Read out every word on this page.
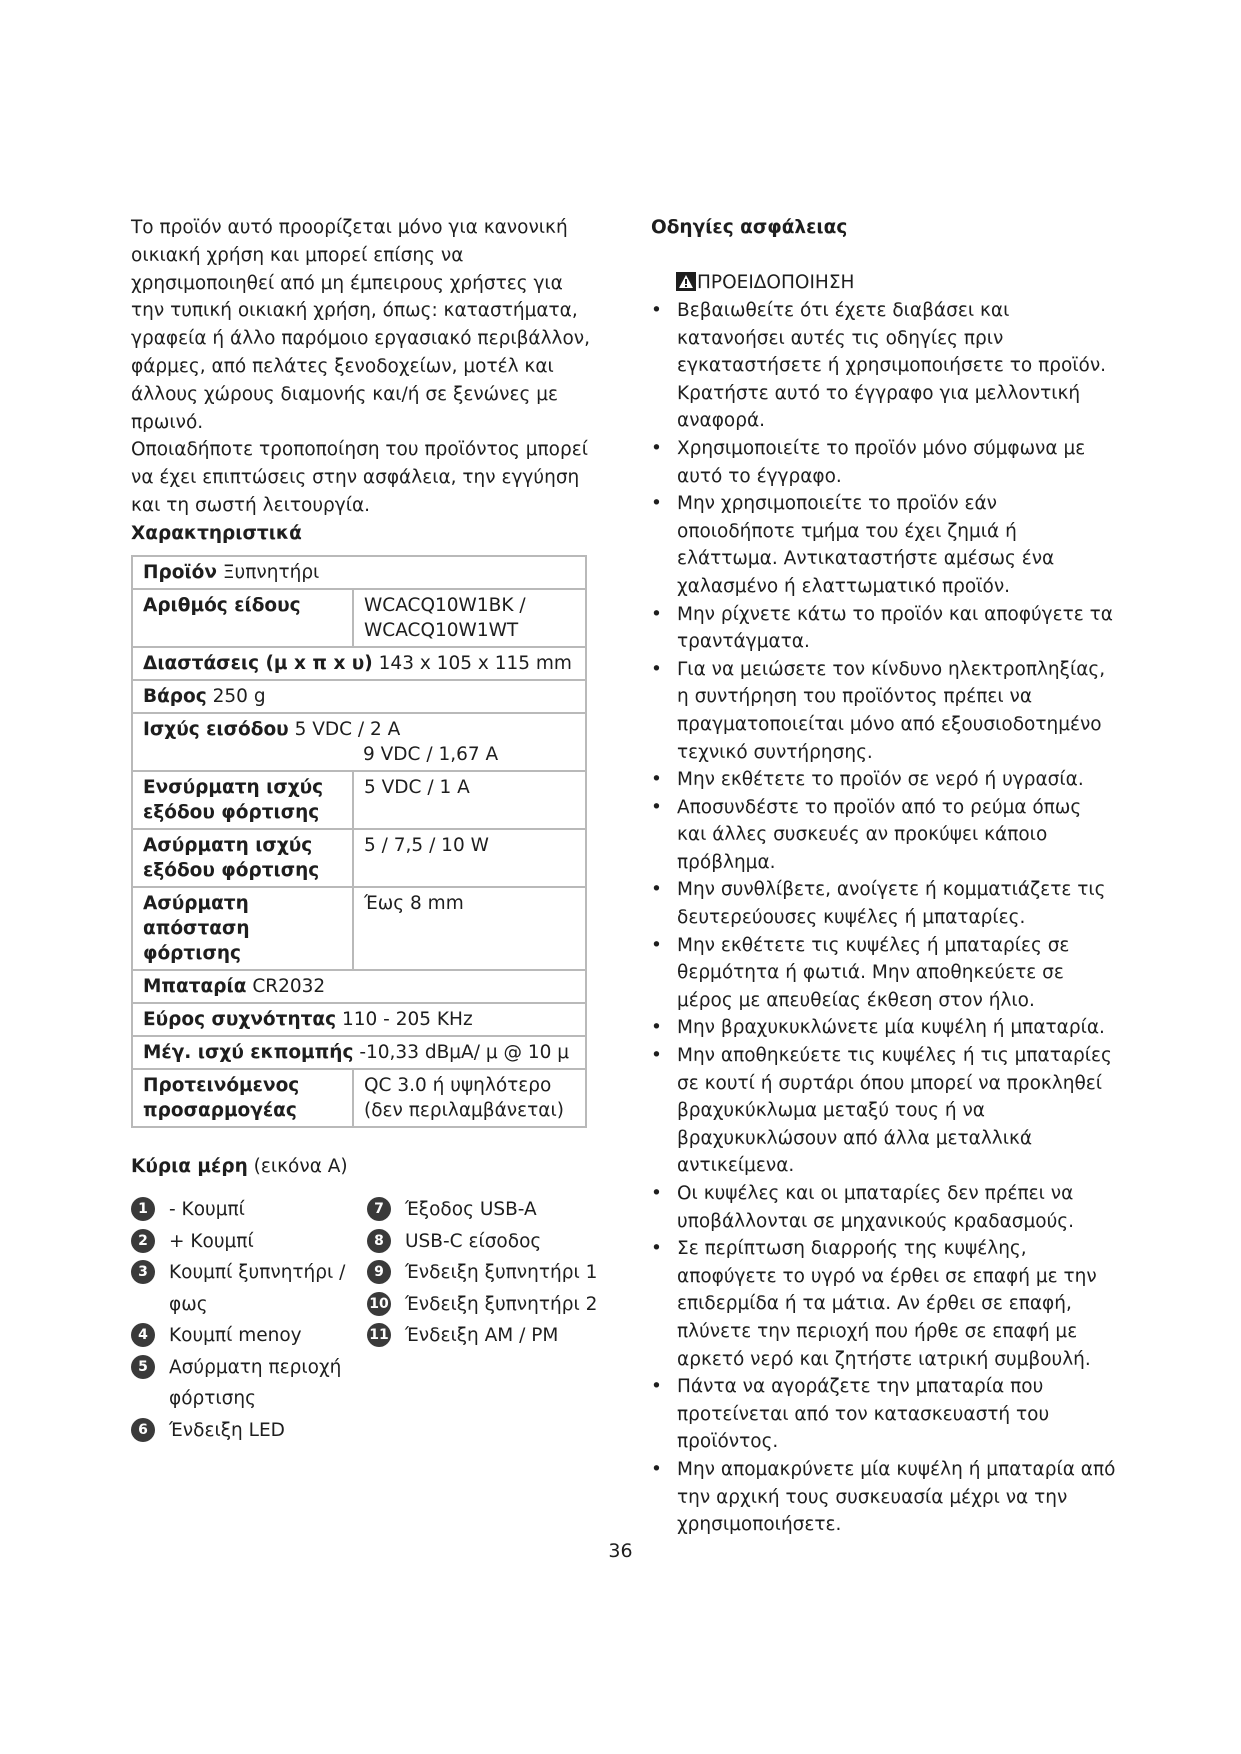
Το προϊόν αυτό προορίζεται μόνο για κανονική οικιακή χρήση και μπορεί επίσης να χρησιμοποιηθεί από μη έμπειρους χρήστες για την τυπική οικιακή χρήση, όπως: καταστήματα, γραφεία ή άλλο παρόμοιο εργασιακό περιβάλλον, φάρμες, από πελάτες ξενοδοχείων, μοτέλ και άλλους χώρους διαμονής και/ή σε ξενώνες με πρωινό.

Οποιαδήποτε τροποποίηση του προϊόντος μπορεί να έχει επιπτώσεις στην ασφάλεια, την εγγύηση και τη σωστή λειτουργία.

Χαρακτηριστικά

Προϊόν Ξυπνητήρι	
Αριθμός είδους	WCACQ10W1BK / WCACQ10W1WT
Διαστάσεις (μ x π x υ) 143 x 105 x 115 mm	
Βάρος 250 g	
Ισχύς εισόδου 5 VDC / 2 A
9 VDC / 1,67 A	
Ενσύρματη ισχύς εξόδου φόρτισης	5 VDC / 1 A
Ασύρματη ισχύς εξόδου φόρτισης	5 / 7,5 / 10 W
Ασύρματη απόσταση φόρτισης	Έως 8 mm
Μπαταρία CR2032	
Εύρος συχνότητας 110 - 205 KHz	
Μέγ. ισχύ εκπομπής -10,33 dBμA/ μ @ 10 μ	
Προτεινόμενος προσαρμογέας	QC 3.0 ή υψηλότερο (δεν περιλαμβάνεται)
Κύρια μέρη (εικόνα A)
1	- Κουμπί
2	+ Κουμπί
3	Κουμπί ξυπνητήρι / φως
4	Κουμπί menoy
5	Ασύρματη περιοχή φόρτισης
6	Ένδειξη LED
7	Έξοδος USB-A
8	USB-C είσοδος
9	Ένδειξη ξυπνητήρι 1
10 Ένδειξη ξυπνητήρι 2
11 Ένδειξη AM / PM

Οδηγίες ασφάλειας

ΠΡΟΕΙΔΟΠΟΙΗΣΗ
• Βεβαιωθείτε ότι έχετε διαβάσει και κατανοήσει αυτές τις οδηγίες πριν εγκαταστήσετε ή χρησιμοποιήσετε το προϊόν. Κρατήστε αυτό το έγγραφο για μελλοντική αναφορά.
• Χρησιμοποιείτε το προϊόν μόνο σύμφωνα με αυτό το έγγραφο.
• Μην χρησιμοποιείτε το προϊόν εάν οποιοδήποτε τμήμα του έχει ζημιά ή ελάττωμα. Αντικαταστήστε αμέσως ένα χαλασμένο ή ελαττωματικό προϊόν.
• Μην ρίχνετε κάτω το προϊόν και αποφύγετε τα τραντάγματα.
• Για να μειώσετε τον κίνδυνο ηλεκτροπληξίας, η συντήρηση του προϊόντος πρέπει να πραγματοποιείται μόνο από εξουσιοδοτημένο τεχνικό συντήρησης.
• Μην εκθέτετε το προϊόν σε νερό ή υγρασία.
• Αποσυνδέστε το προϊόν από το ρεύμα όπως και άλλες συσκευές αν προκύψει κάποιο πρόβλημα.
• Μην συνθλίβετε, ανοίγετε ή κομματιάζετε τις δευτερεύουσες κυψέλες ή μπαταρίες.
• Μην εκθέτετε τις κυψέλες ή μπαταρίες σε θερμότητα ή φωτιά. Μην αποθηκεύετε σε μέρος με απευθείας έκθεση στον ήλιο.
• Μην βραχυκυκλώνετε μία κυψέλη ή μπαταρία.
• Μην αποθηκεύετε τις κυψέλες ή τις μπαταρίες σε κουτί ή συρτάρι όπου μπορεί να προκληθεί βραχυκύκλωμα μεταξύ τους ή να βραχυκυκλώσουν από άλλα μεταλλικά αντικείμενα.
• Οι κυψέλες και οι μπαταρίες δεν πρέπει να υποβάλλονται σε μηχανικούς κραδασμούς.
• Σε περίπτωση διαρροής της κυψέλης, αποφύγετε το υγρό να έρθει σε επαφή με την επιδερμίδα ή τα μάτια. Αν έρθει σε επαφή, πλύνετε την περιοχή που ήρθε σε επαφή με αρκετό νερό και ζητήστε ιατρική συμβουλή.
• Πάντα να αγοράζετε την μπαταρία που προτείνεται από τον κατασκευαστή του προϊόντος.
• Μην απομακρύνετε μία κυψέλη ή μπαταρία από την αρχική τους συσκευασία μέχρι να την χρησιμοποιήσετε.
36
